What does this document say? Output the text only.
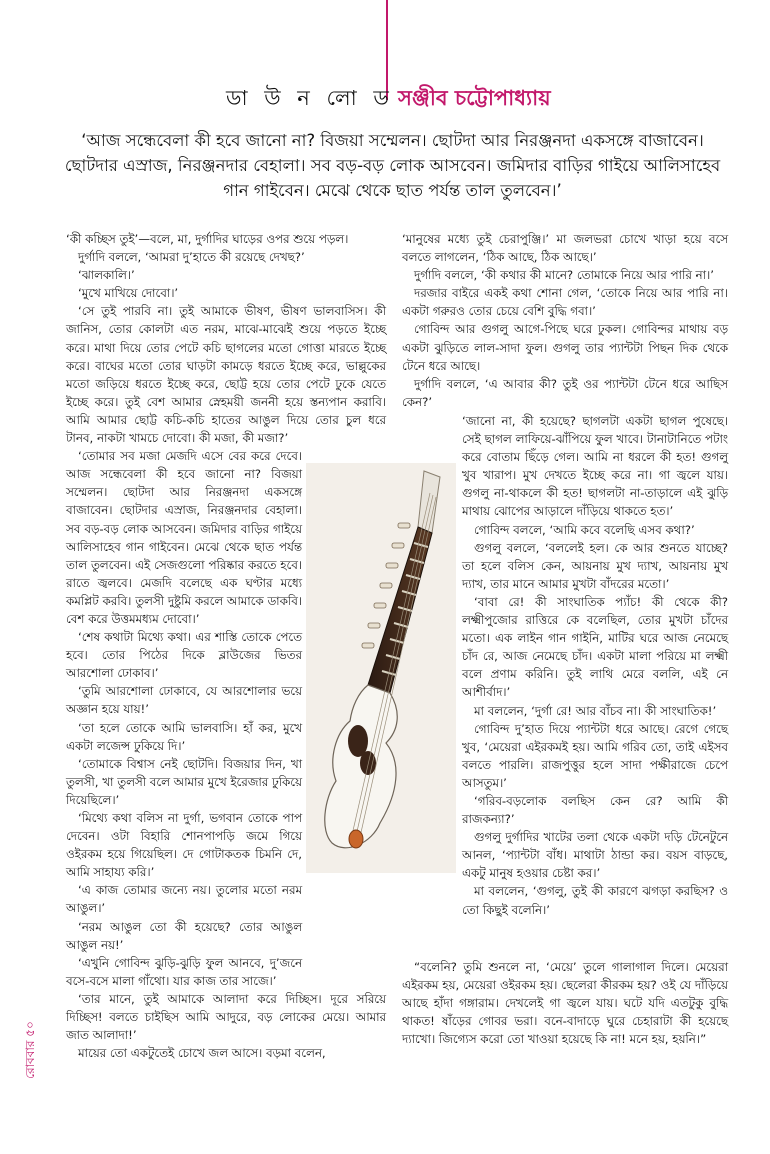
ডা উ ন লো ড সঞ্জীব চট্টোপাধ্যায়
‘আজ সন্ধেবেলা কী হবে জানো না? বিজয়া সম্মেলন। ছোটদা আর নিরঞ্জনদা একসঙ্গে বাজাবেন। ছোটদার এস্রাজ, নিরঞ্জনদার বেহালা। সব বড়-বড় লোক আসবেন। জমিদার বাড়ির গাইয়ে আলিসাহেব গান গাইবেন। মেঝে থেকে ছাত পর্যন্ত তাল তুলবেন।’

‘কী কচ্ছিস তুই’—বলে, মা, দুর্গাদির ঘাড়ের ওপর শুয়ে পড়ল।

দুর্গাদি বললে, ‘আমরা দু’হাতে কী রয়েছে দেখছ?’

‘ঝালকালি।’

‘মুখে মাখিয়ে দোবো।’

‘সে তুই পারবি না। তুই আমাকে ভীষণ, ভীষণ ভালবাসিস। কী জানিস, তোর কোলটা এত নরম, মাঝে-মাঝেই শুয়ে পড়তে ইচ্ছে করে। মাথা দিয়ে তোর পেটে কচি ছাগলের মতো গোত্তা মারতে ইচ্ছে করে। বাঘের মতো তোর ঘাড়টা কামড়ে ধরতে ইচ্ছে করে, ভাল্লুকের মতো জড়িয়ে ধরতে ইচ্ছে করে, ছোট্ট হয়ে তোর পেটে ঢুকে যেতে ইচ্ছে করে। তুই বেশ আমার স্নেহময়ী জননী হয়ে স্তন্যপান করাবি। আমি আমার ছোট্ট কচি-কচি হাতের আঙুল দিয়ে তোর চুল ধরে টানব, নাকটা খামচে দোবো। কী মজা, কী মজা?’

‘তোমার সব মজা মেজদি এসে বের করে দেবে। আজ সন্ধেবেলা কী হবে জানো না? বিজয়া সম্মেলন। ছোটদা আর নিরঞ্জনদা একসঙ্গে বাজাবেন। ছোটদার এস্রাজ, নিরঞ্জনদার বেহালা। সব বড়-বড় লোক আসবেন। জমিদার বাড়ির গাইয়ে আলিসাহেব গান গাইবেন। মেঝে থেকে ছাত পর্যন্ত তাল তুলবেন। এই সেজগুলো পরিষ্কার করতে হবে। রাতে জ্বলবে। মেজদি বলেছে এক ঘণ্টার মধ্যে কমপ্লিট করবি। তুলসী দুষ্টুমি করলে আমাকে ডাকবি। বেশ করে উত্তমমধ্যম দোবো।’

‘শেষ কথাটা মিথ্যে কথা। এর শাস্তি তোকে পেতে হবে। তোর পিঠের দিকে ব্লাউজের ভিতর আরশোলা ঢোকাব।’

‘তুমি আরশোলা ঢোকাবে, যে আরশোলার ভয়ে অজ্ঞান হয়ে যায়!’

‘তা হলে তোকে আমি ভালবাসি। হাঁ কর, মুখে একটা লজেন্স ঢুকিয়ে দি।’

‘তোমাকে বিশ্বাস নেই ছোটদি। বিজয়ার দিন, খা তুলসী, খা তুলসী বলে আমার মুখে ইরেজার ঢুকিয়ে দিয়েছিলে।’

‘মিথ্যে কথা বলিস না দুর্গা, ভগবান তোকে পাপ দেবেন। ওটা বিহারি শোনপাপড়ি জমে গিয়ে ওইরকম হয়ে গিয়েছিল। দে গোটাকতক চিমনি দে, আমি সাহায্য করি।’

‘এ কাজ তোমার জন্যে নয়। তুলোর মতো নরম আঙুল।’

‘নরম আঙুল তো কী হয়েছে? তোর আঙুল আঙুল নয়!’

‘এখুনি গোবিন্দ ঝুড়ি-ঝুড়ি ফুল আনবে, দু’জনে বসে-বসে মালা গাঁথো। যার কাজ তার সাজে।’

‘তার মানে, তুই আমাকে আলাদা করে দিচ্ছিস। দূরে সরিয়ে দিচ্ছিস! বলতে চাইছিস আমি আদুরে, বড় লোকের মেয়ে। আমার জাত আলাদা!’

মায়ের তো একটুতেই চোখে জল আসে। বড়মা বলেন,

‘মানুষের মধ্যে তুই চেরাপুঞ্জি।’ মা জলভরা চোখে খাড়া হয়ে বসে বলতে লাগলেন, ‘ঠিক আছে, ঠিক আছে।’

দুর্গাদি বললে, ‘কী কথার কী মানে? তোমাকে নিয়ে আর পারি না।’

দরজার বাইরে একই কথা শোনা গেল, ‘তোকে নিয়ে আর পারি না। একটা গরুরও তোর চেয়ে বেশি বুদ্ধি গবা।’

গোবিন্দ আর গুগলু আগে-পিছে ঘরে ঢুকল। গোবিন্দর মাথায় বড় একটা ঝুড়িতে লাল-সাদা ফুল। গুগলু তার প্যান্টটা পিছন দিক থেকে টেনে ধরে আছে।

দুর্গাদি বললে, ‘এ আবার কী? তুই ওর প্যান্টটা টেনে ধরে আছিস কেন?’

‘জানো না, কী হয়েছে? ছাগলটা একটা ছাগল পুষেছে। সেই ছাগল লাফিয়ে-ঝাঁপিয়ে ফুল খাবে। টানাটানিতে পটাং করে বোতাম ছিঁড়ে গেল। আমি না ধরলে কী হত! গুগলু খুব খারাপ। মুখ দেখতে ইচ্ছে করে না। গা জ্বলে যায়। গুগলু না-থাকলে কী হত! ছাগলটা না-তাড়ালে এই ঝুড়ি মাথায় ঝোপের আড়ালে দাঁড়িয়ে থাকতে হত।’

গোবিন্দ বললে, ‘আমি কবে বলেছি এসব কথা?’

গুগলু বললে, ‘বললেই হল। কে আর শুনতে যাচ্ছে? তা হলে বলিস কেন, আয়নায় মুখ দ্যাখ, আয়নায় মুখ দ্যাখ, তার মানে আমার মুখটা বাঁদরের মতো।’

‘বাবা রে! কী সাংঘাতিক প্যাঁচ! কী থেকে কী? লক্ষ্মীপুজোর রাত্তিরে কে বলেছিল, তোর মুখটা চাঁদের মতো। এক লাইন গান গাইনি, মাটির ঘরে আজ নেমেছে চাঁদ রে, আজ নেমেছে চাঁদ। একটা মালা পরিয়ে মা লক্ষ্মী বলে প্রণাম করিনি। তুই লাথি মেরে বললি, এই নে আশীর্বাদ।’

মা বললেন, ‘দুর্গা রে! আর বাঁচব না। কী সাংঘাতিক!’

গোবিন্দ দু’হাত দিয়ে প্যান্টটা ধরে আছে। রেগে গেছে খুব, ‘মেয়েরা এইরকমই হয়। আমি গরিব তো, তাই এইসব বলতে পারলি। রাজপুত্তুর হলে সাদা পক্ষীরাজে চেপে আসতুম।’

‘গরিব-বড়লোক বলছিস কেন রে? আমি কী রাজকন্যা?’

গুগলু দুর্গাদির খাটের তলা থেকে একটা দড়ি টেনেটুনে আনল, ‘প্যান্টটা বাঁধ। মাথাটা ঠান্ডা কর। বয়স বাড়ছে, একটু মানুষ হওয়ার চেষ্টা কর।’

মা বললেন, ‘গুগলু, তুই কী কারণে ঝগড়া করছিস? ও তো কিছুই বলেনি।’

“বলেনি? তুমি শুনলে না, ‘মেয়ে’ তুলে গালাগাল দিলে। মেয়েরা এইরকম হয়, মেয়েরা ওইরকম হয়। ছেলেরা কীরকম হয়? ওই যে দাঁড়িয়ে আছে হাঁদা গঙ্গারাম। দেখলেই গা জ্বলে যায়। ঘটে যদি এতটুকু বুদ্ধি থাকত! ষাঁড়ের গোবর ভরা। বনে-বাদাড়ে ঘুরে চেহারাটা কী হয়েছে দ্যাখো। জিগ্যেস করো তো খাওয়া হয়েছে কি না! মনে হয়, হয়নি।”

রোববার ৫০
